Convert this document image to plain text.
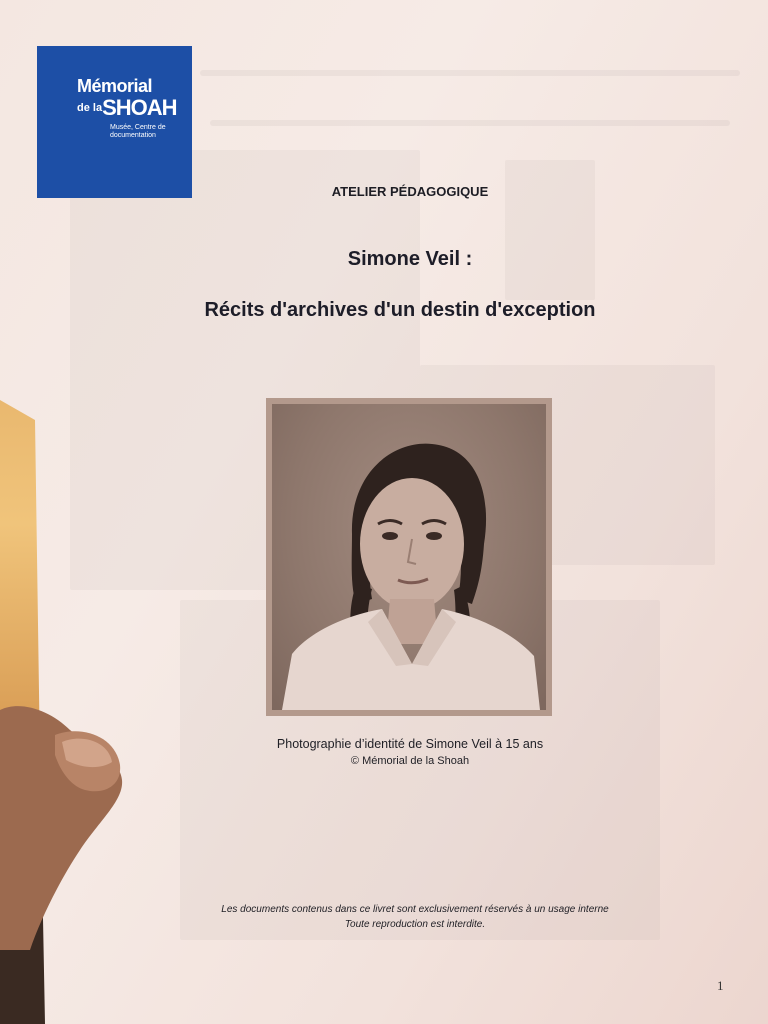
Mémorial
$^{de la}$SHOAH
Musée, Centre de documentation
ATELIER PÉDAGOGIQUE
Simone Veil :
Récits d'archives d'un destin d'exception
Photographie d’identité de Simone Veil à 15 ans
© Mémorial de la Shoah
Les documents contenus dans ce livret sont exclusivement réservés à un usage interne
Toute reproduction est interdite.
1
